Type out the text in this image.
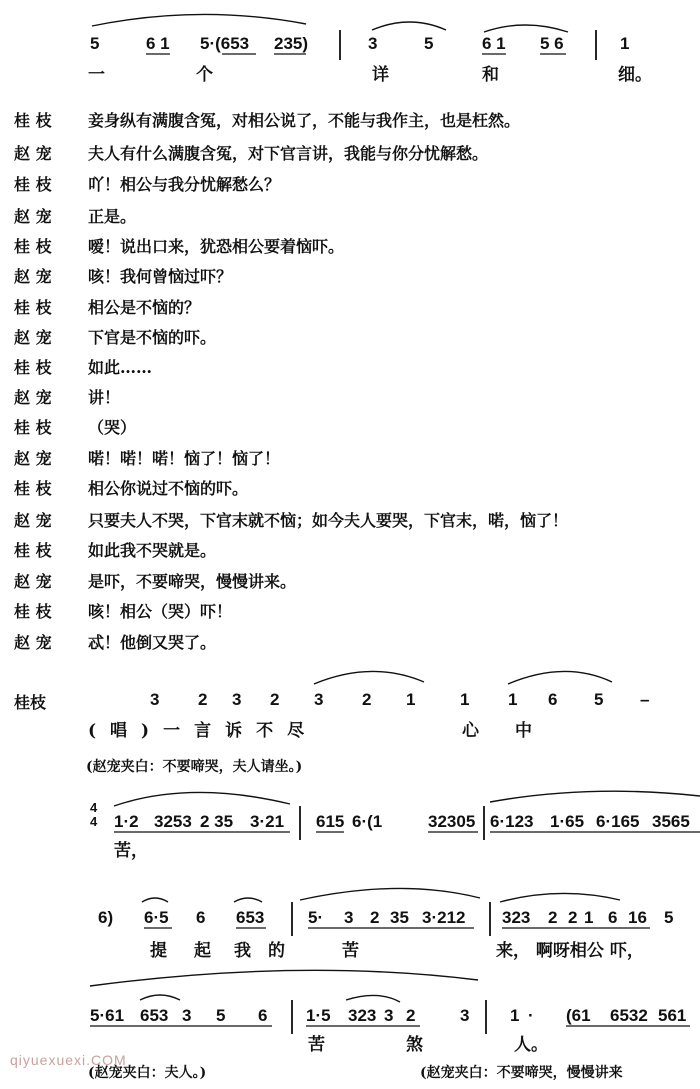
5	6 1 5·(653 235)	3	5	6 1 5 6	1
一	个	详	和	细。
桂 枝 妾身纵有满腹含冤，对相公说了，不能与我作主，也是枉然。
赵 宠 夫人有什么满腹含冤，对下官言讲，我能与你分忧解愁。
桂 枝 吖！相公与我分忧解愁么？
赵 宠 正是。
桂 枝 嗳！说出口来，犹恐相公要着恼吓。
赵 宠 咳！我何曾恼过吓？
桂 枝 相公是不恼的？
赵 宠 下官是不恼的吓。
桂 枝 如此……
赵 宠 讲！
桂 枝 （哭）
赵 宠 喏！喏！喏！恼了！恼了！
桂 枝 相公你说过不恼的吓。
赵 宠 只要夫人不哭，下官末就不恼；如今夫人要哭，下官末，喏，恼了！
桂 枝 如此我不哭就是。
赵 宠 是吓，不要啼哭，慢慢讲来。
桂 枝 咳！相公（哭）吓！
赵 宠 忒！他倒又哭了。
桂枝	3 2 3 2 3 2 1	1 1 6 5 –
(唱)一言诉不尽	心中
(赵宠夹白：不要啼哭，夫人请坐。)
4
4 1·2 3253 2 35 3·21 615 6·(1	32305 6·123 1·65 6·165 3565
苦，
6) 6·5 6 653	5· 3 2 35 3·212 323 2 2 1 6 16 5
提 起 我 的	苦	来， 啊呀相公 吓，
5·61 653 3 5 6 1·5 323 3 2	3 1 · (61 6532 561
苦	煞	人。
(赵宠夹白：夫人。)	(赵宠夹白：不要啼哭，慢慢讲来
qiyuexuexi.COM
